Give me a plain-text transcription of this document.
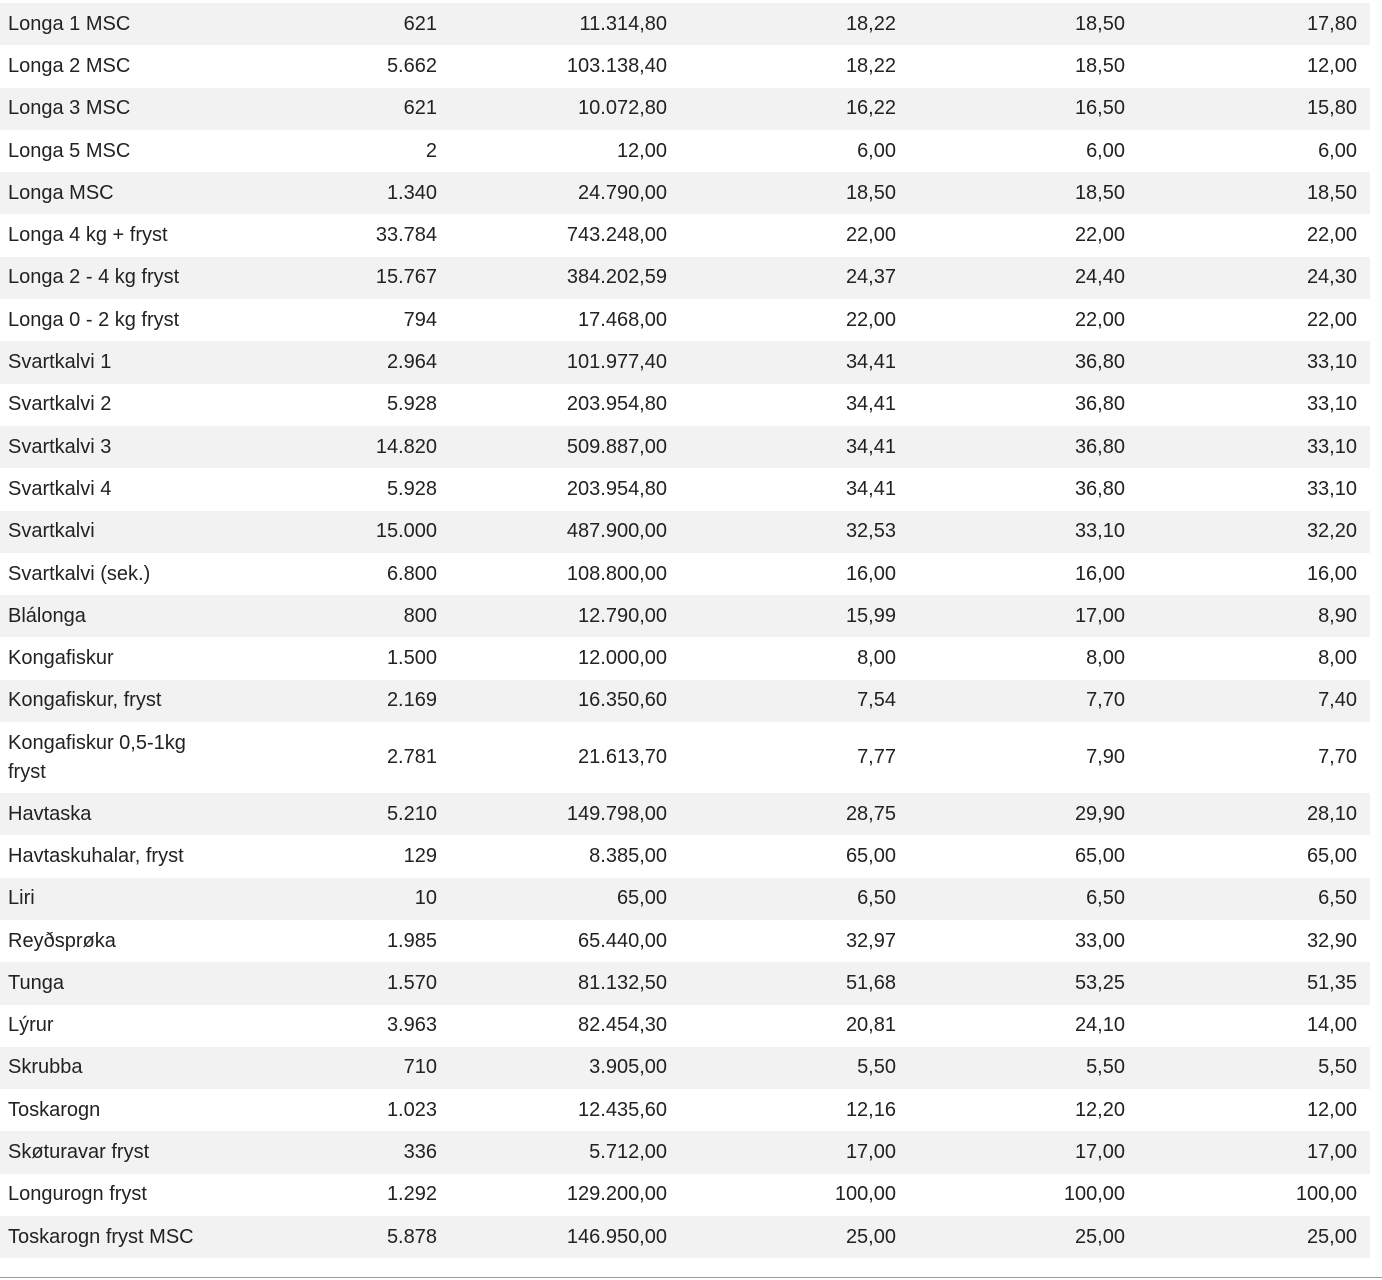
Longa 1 MSC	621	11.314,80	18,22	18,50	17,80
Longa 2 MSC	5.662	103.138,40	18,22	18,50	12,00
Longa 3 MSC	621	10.072,80	16,22	16,50	15,80
Longa 5 MSC	2	12,00	6,00	6,00	6,00
Longa MSC	1.340	24.790,00	18,50	18,50	18,50
Longa 4 kg + fryst	33.784	743.248,00	22,00	22,00	22,00
Longa 2 - 4 kg fryst	15.767	384.202,59	24,37	24,40	24,30
Longa 0 - 2 kg fryst	794	17.468,00	22,00	22,00	22,00
Svartkalvi 1	2.964	101.977,40	34,41	36,80	33,10
Svartkalvi 2	5.928	203.954,80	34,41	36,80	33,10
Svartkalvi 3	14.820	509.887,00	34,41	36,80	33,10
Svartkalvi 4	5.928	203.954,80	34,41	36,80	33,10
Svartkalvi	15.000	487.900,00	32,53	33,10	32,20
Svartkalvi (sek.)	6.800	108.800,00	16,00	16,00	16,00
Blálonga	800	12.790,00	15,99	17,00	8,90
Kongafiskur	1.500	12.000,00	8,00	8,00	8,00
Kongafiskur, fryst	2.169	16.350,60	7,54	7,70	7,40
Kongafiskur 0,5-1kg fryst	2.781	21.613,70	7,77	7,90	7,70
Havtaska	5.210	149.798,00	28,75	29,90	28,10
Havtaskuhalar, fryst	129	8.385,00	65,00	65,00	65,00
Liri	10	65,00	6,50	6,50	6,50
Reyðsprøka	1.985	65.440,00	32,97	33,00	32,90
Tunga	1.570	81.132,50	51,68	53,25	51,35
Lýrur	3.963	82.454,30	20,81	24,10	14,00
Skrubba	710	3.905,00	5,50	5,50	5,50
Toskarogn	1.023	12.435,60	12,16	12,20	12,00
Skøturavar fryst	336	5.712,00	17,00	17,00	17,00
Longurogn fryst	1.292	129.200,00	100,00	100,00	100,00
Toskarogn fryst MSC	5.878	146.950,00	25,00	25,00	25,00
